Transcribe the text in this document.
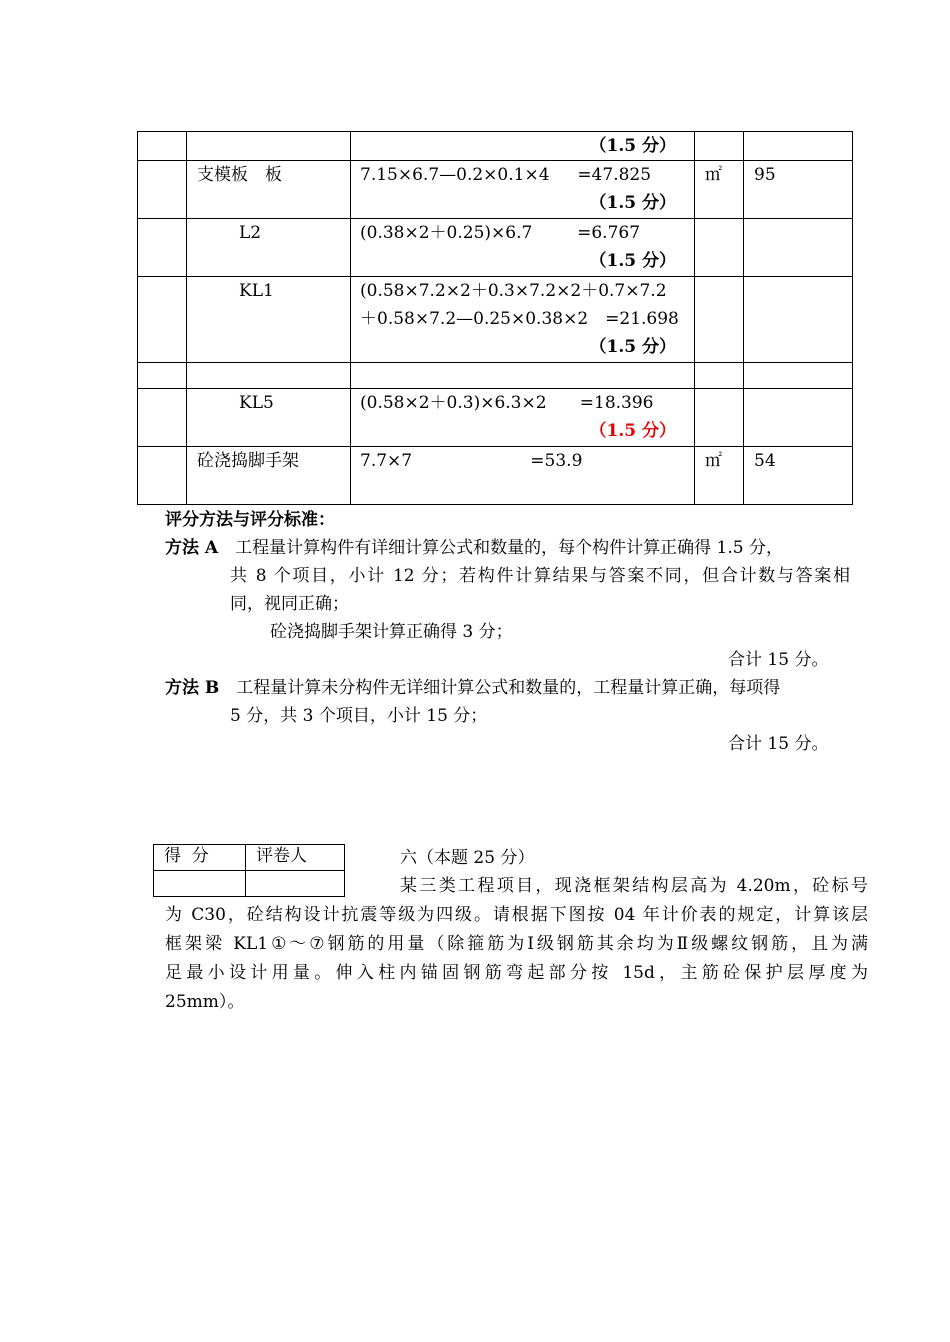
		（1.5 分）		

	支模板　板	7.15×6.7—0.2×0.1×4　  =47.825
（1.5 分）	㎡	95
	L2	(0.38×2＋0.25)×6.7　　  =6.767
（1.5 分）		

	KL1	(0.58×7.2×2＋0.3×7.2×2＋0.7×7.2
＋0.58×7.2—0.25×0.38×2　=21.698
（1.5 分）		

	KL5	(0.58×2＋0.3)×6.3×2　   =18.396
（1.5 分）		

	砼浇捣脚手架	7.7×7　　　　　　   =53.9	㎡	54
评分方法与评分标准：
方法 A　工程量计算构件有详细计算公式和数量的，每个构件计算正确得 1.5 分，
共 8 个项目，小计 12 分；若构件计算结果与答案不同，但合计数与答案相
同，视同正确；
砼浇捣脚手架计算正确得 3 分；
合计 15 分。
方法 B　工程量计算未分构件无详细计算公式和数量的，工程量计算正确，每项得
5 分，共 3 个项目，小计 15 分；
合计 15 分。
得  分	评卷人
		六（本题 25 分）
某三类工程项目，现浇框架结构层高为 4.20m，砼标号
为 C30，砼结构设计抗震等级为四级。请根据下图按 04 年计价表的规定，计算该层
框架梁 KL1①～⑦钢筋的用量（除箍筋为Ⅰ级钢筋其余均为Ⅱ级螺纹钢筋，且为满
足最小设计用量。伸入柱内锚固钢筋弯起部分按 15d，主筋砼保护层厚度为
25mm）。
